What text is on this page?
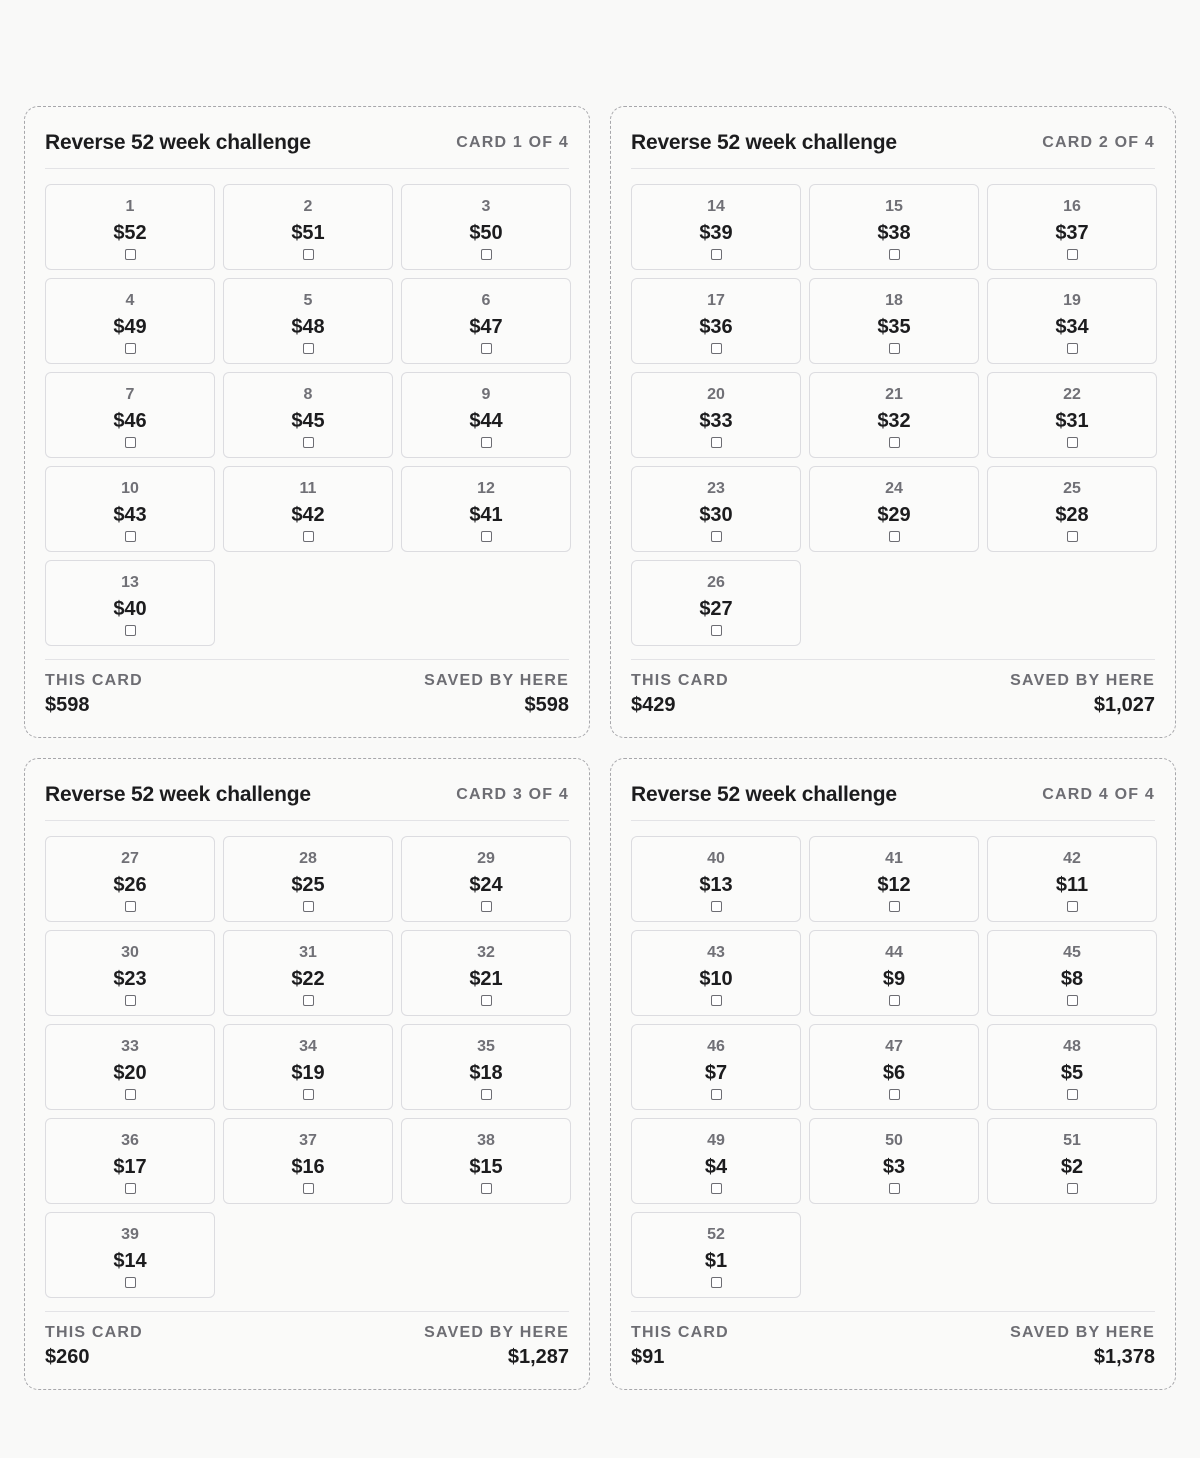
Reverse 52 week challenge	CARD 1 OF 4
1
$52
2
$51
3
$50
4
$49
5
$48
6
$47
7
$46
8
$45
9
$44
10
$43
11
$42
12
$41
13
$40
THIS CARD
$598
SAVED BY HERE
$598
Reverse 52 week challenge	CARD 2 OF 4
14
$39
15
$38
16
$37
17
$36
18
$35
19
$34
20
$33
21
$32
22
$31
23
$30
24
$29
25
$28
26
$27
THIS CARD
$429
SAVED BY HERE
$1,027
Reverse 52 week challenge	CARD 3 OF 4
27
$26
28
$25
29
$24
30
$23
31
$22
32
$21
33
$20
34
$19
35
$18
36
$17
37
$16
38
$15
39
$14
THIS CARD
$260
SAVED BY HERE
$1,287
Reverse 52 week challenge	CARD 4 OF 4
40
$13
41
$12
42
$11
43
$10
44
$9
45
$8
46
$7
47
$6
48
$5
49
$4
50
$3
51
$2
52
$1
THIS CARD
$91
SAVED BY HERE
$1,378
